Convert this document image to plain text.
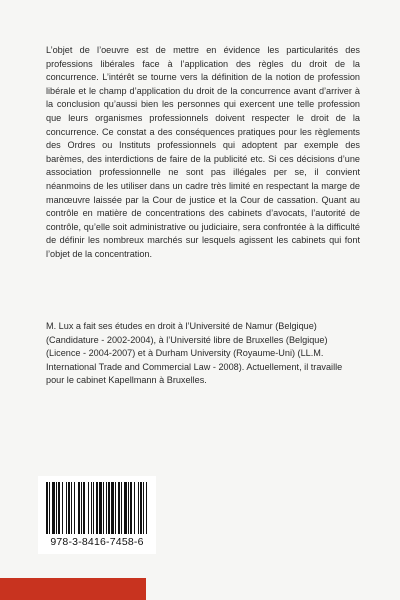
L’objet de l’oeuvre est de mettre en évidence les particularités des professions libérales face à l’application des règles du droit de la concurrence. L’intérêt se tourne vers la définition de la notion de profession libérale et le champ d’application du droit de la concurrence avant d’arriver à la conclusion qu’aussi bien les personnes qui exercent une telle profession que leurs organismes professionnels doivent respecter le droit de la concurrence. Ce constat a des conséquences pratiques pour les règlements des Ordres ou Instituts professionnels qui adoptent par exemple des barèmes, des interdictions de faire de la publicité etc. Si ces décisions d’une association professionnelle ne sont pas illégales per se, il convient néanmoins de les utiliser dans un cadre très limité en respectant la marge de manœuvre laissée par la Cour de justice et la Cour de cassation. Quant au contrôle en matière de concentrations des cabinets d’avocats, l’autorité de contrôle, qu’elle soit administrative ou judiciaire, sera confrontée à la difficulté de définir les nombreux marchés sur lesquels agissent les cabinets qui font l’objet de la concentration.

M. Lux a fait ses études en droit à l’Université de Namur (Belgique) (Candidature - 2002-2004), à l’Université libre de Bruxelles (Belgique) (Licence - 2004-2007) et à Durham University (Royaume-Uni) (LL.M. International Trade and Commercial Law - 2008). Actuellement, il travaille pour le cabinet Kapellmann à Bruxelles.

978-3-8416-7458-6
